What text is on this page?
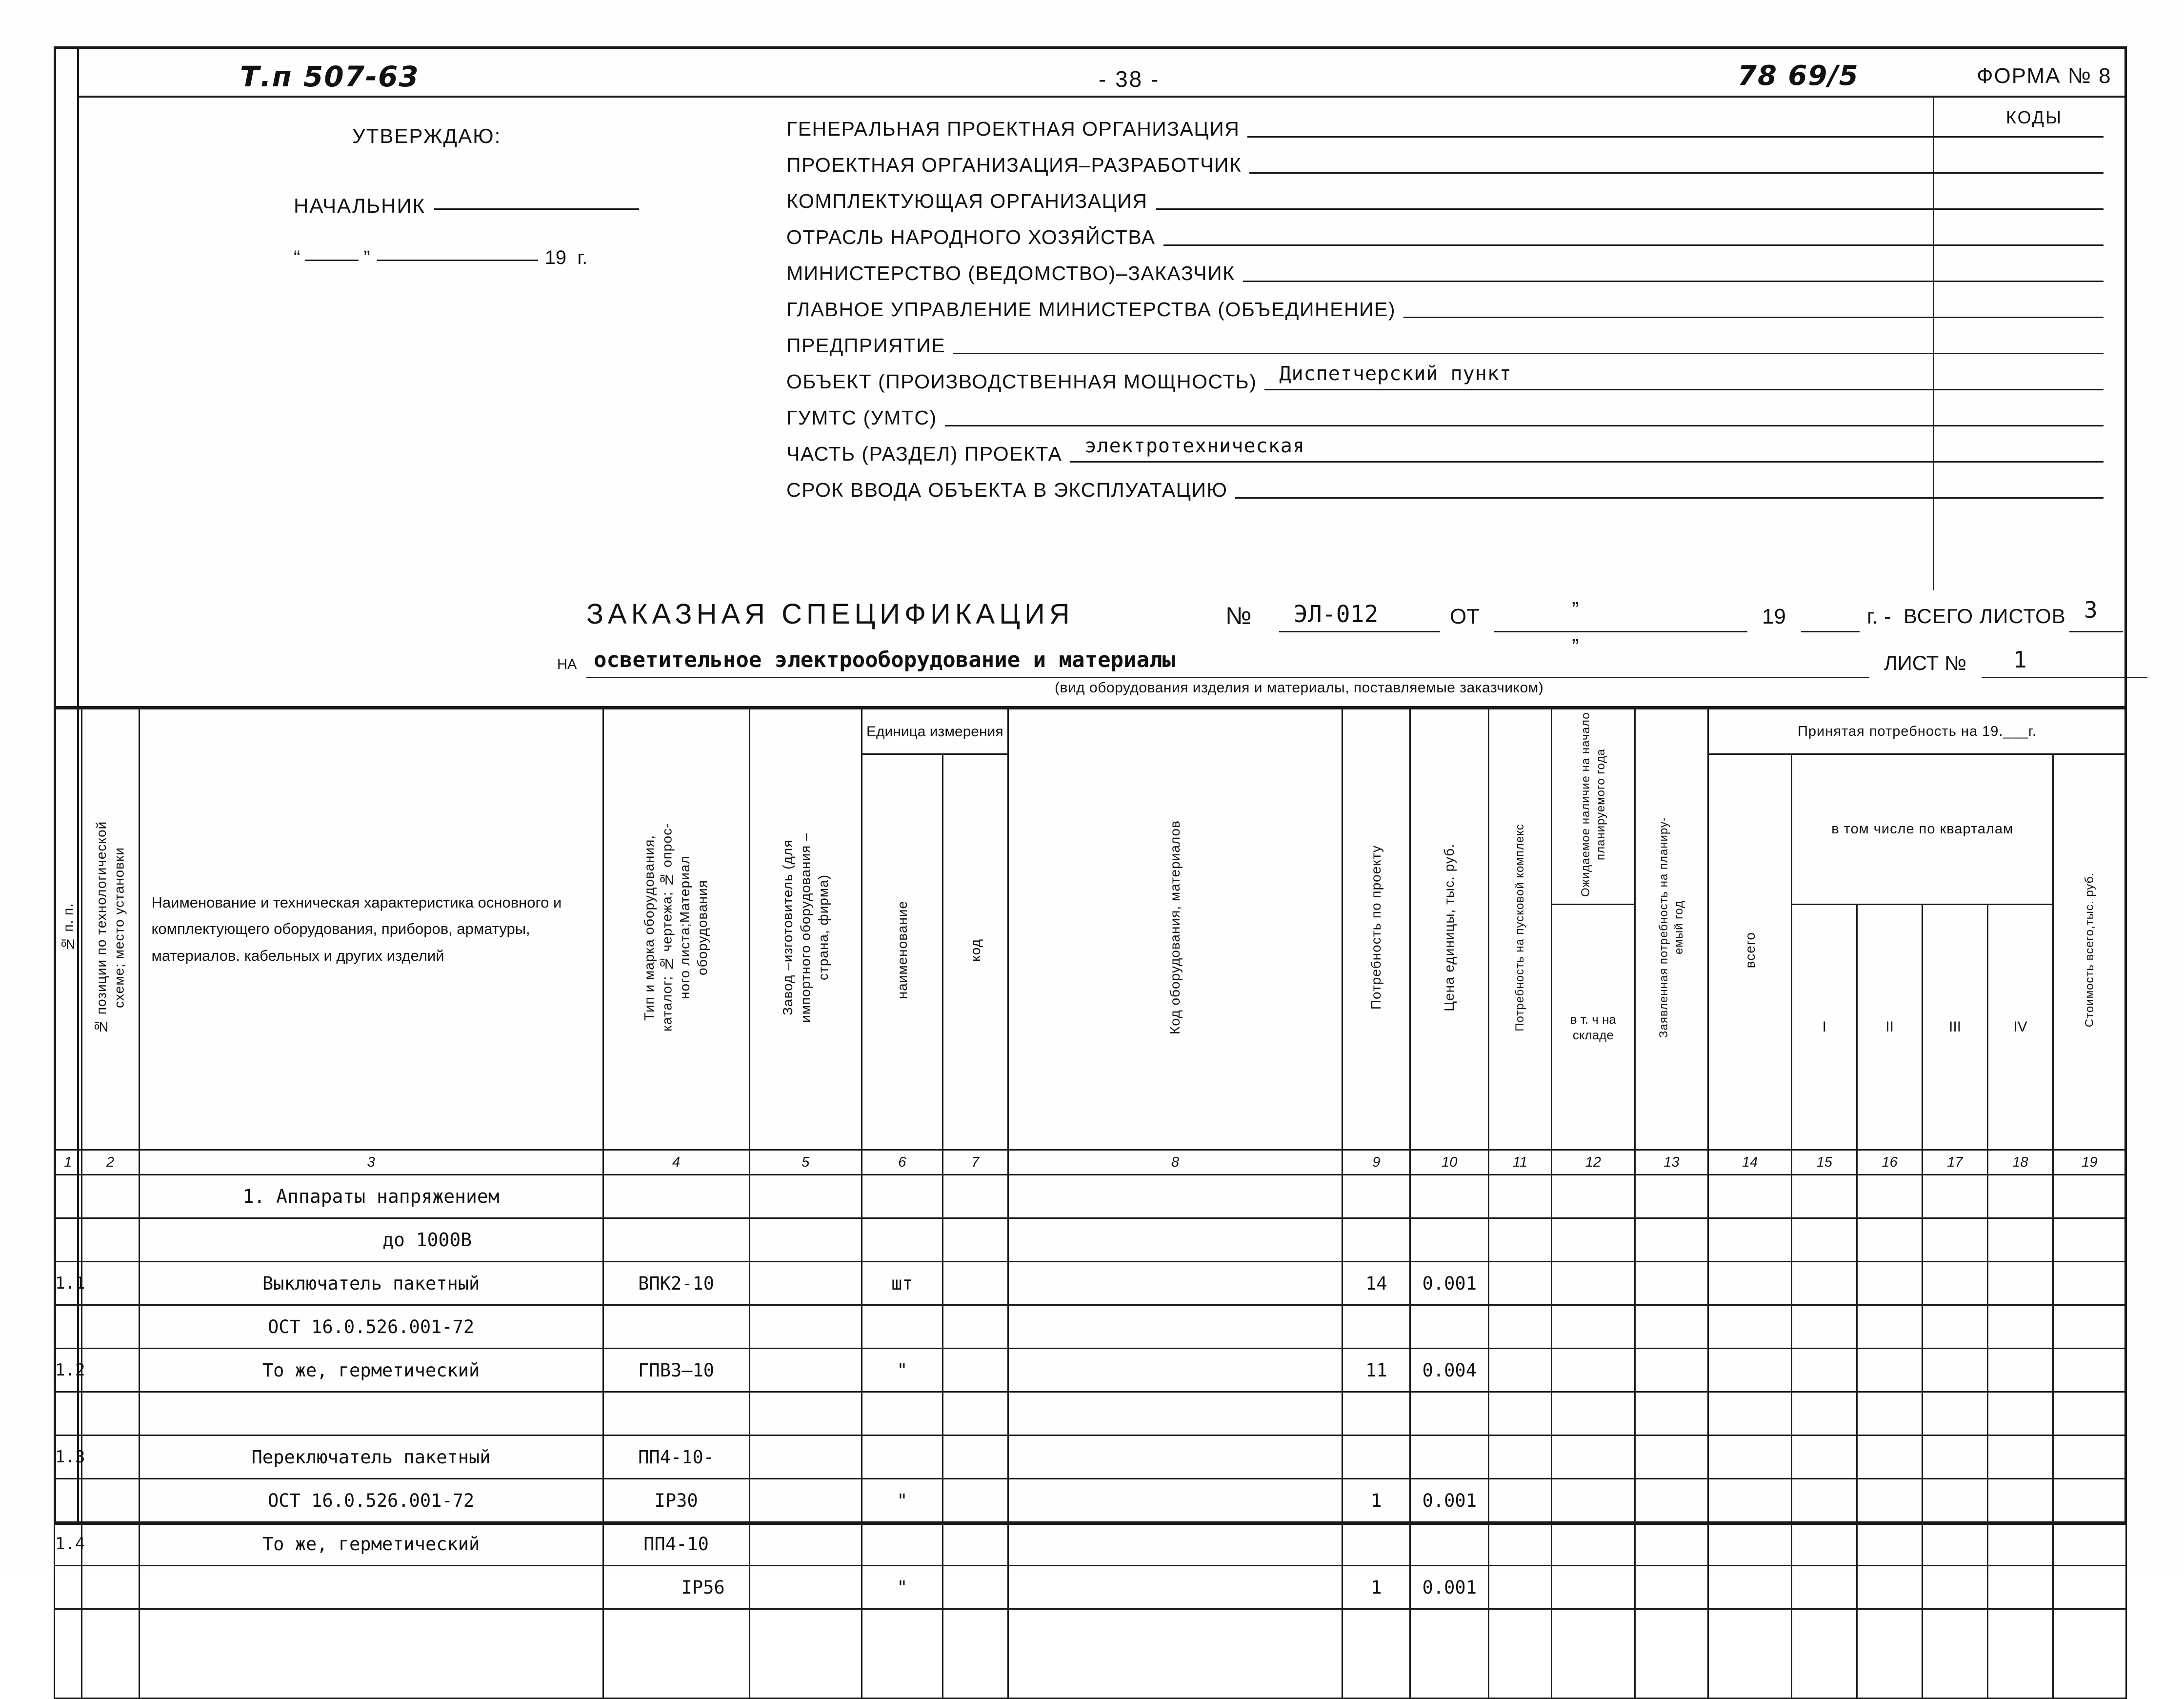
Т.п 507-63	- 38 -	78 69/5	ФОРМА № 8
КОДЫ
УТВЕРЖДАЮ:
НАЧАЛЬНИК
“	”	19 г.
ГЕНЕРАЛЬНАЯ ПРОЕКТНАЯ ОРГАНИЗАЦИЯ
ПРОЕКТНАЯ ОРГАНИЗАЦИЯ–РАЗРАБОТЧИК
КОМПЛЕКТУЮЩАЯ ОРГАНИЗАЦИЯ
ОТРАСЛЬ НАРОДНОГО ХОЗЯЙСТВА
МИНИСТЕРСТВО (ВЕДОМСТВО)–ЗАКАЗЧИК
ГЛАВНОЕ УПРАВЛЕНИЕ МИНИСТЕРСТВА (ОБЪЕДИНЕНИЕ)
ПРЕДПРИЯТИЕ
ОБЪЕКТ (ПРОИЗВОДСТВЕННАЯ МОЩНОСТЬ) Диспетчерский пункт
ГУМТС (УМТС)
ЧАСТЬ (РАЗДЕЛ) ПРОЕКТА электротехническая
СРОК ВВОДА ОБЪЕКТА В ЭКСПЛУАТАЦИЮ
ЗАКАЗНАЯ СПЕЦИФИКАЦИЯ	№ ЭЛ-012	ОТ	”
”
19	г. - ВСЕГО ЛИСТОВ 3
на осветительное электрооборудование и материалы
(вид оборудования изделия и материалы, поставляемые заказчиком)
ЛИСТ № 1
№ п. п.	№ позиции по технологической схеме; место установки	Наименование и техническая характеристика основного и комплектующего оборудования, приборов, арматуры, материалов. кабельных и других изделий	Тип и марка оборудования, каталог; № чертежа; № опросного листа;Материал оборудования	Завод –изготовитель (для импортного оборудования –страна, фирма)	Единица измерения		Код оборудования, материалов	Потребность по проекту	Цена единицы, тыс. руб.	Потребность на пусковой комплекс	Ожидаемое наличие на начало планируемого года	Заявленная потребность на планируемый год	Принятая потребность на 19.___г.					
					наименование	код							всего	в том числе по кварталам				Стоимость всего,тыс. руб.

											в т. ч на складе			I	II	III	IV	
1	2	3	4	5	6	7	8	9	10	11	12	13	14	15	16	17	18	19
		1. Аппараты напряжением																
		до 1000В																
1.1		Выключатель пакетный	ВПК2-10		шт			14	0.001									
		ОСТ 16.0.526.001-72																
1.2		То же, герметический	ГПВЗ–10		"			11	0.004									

1.3		Переключатель пакетный	ПП4-10-															
		ОСТ 16.0.526.001-72	IP30		"			1	0.001									
1.4		То же, герметический	ПП4-10															
			IP56		"			1	0.001									
